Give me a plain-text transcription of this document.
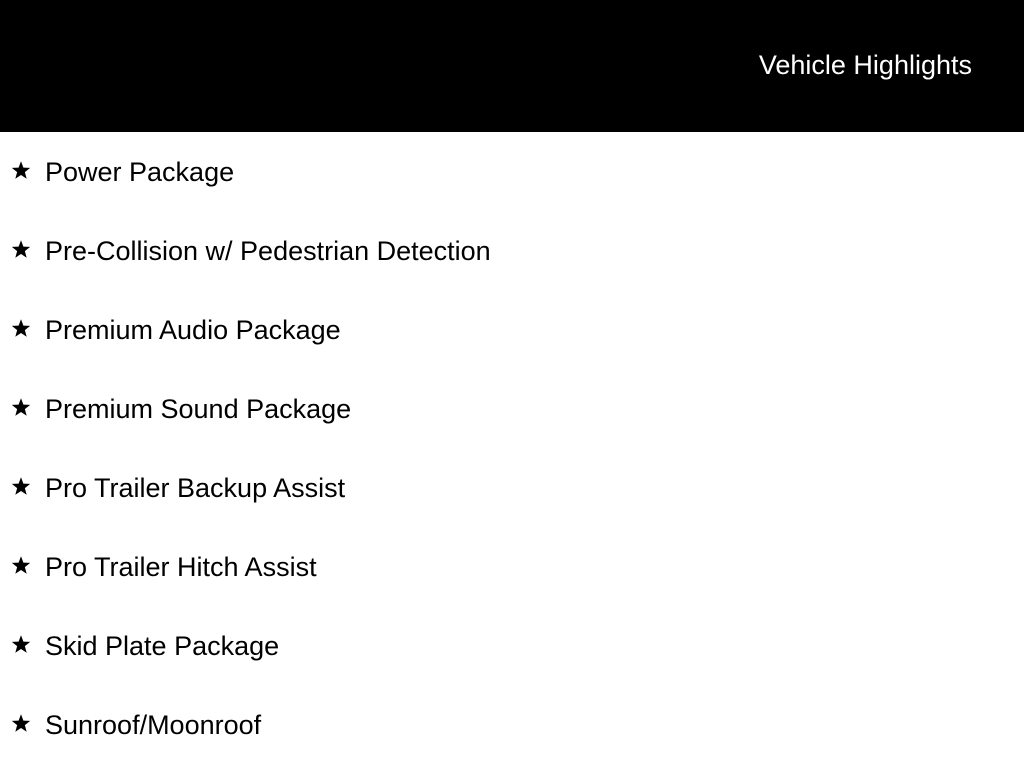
Vehicle Highlights
Power Package
Pre-Collision w/ Pedestrian Detection
Premium Audio Package
Premium Sound Package
Pro Trailer Backup Assist
Pro Trailer Hitch Assist
Skid Plate Package
Sunroof/Moonroof
